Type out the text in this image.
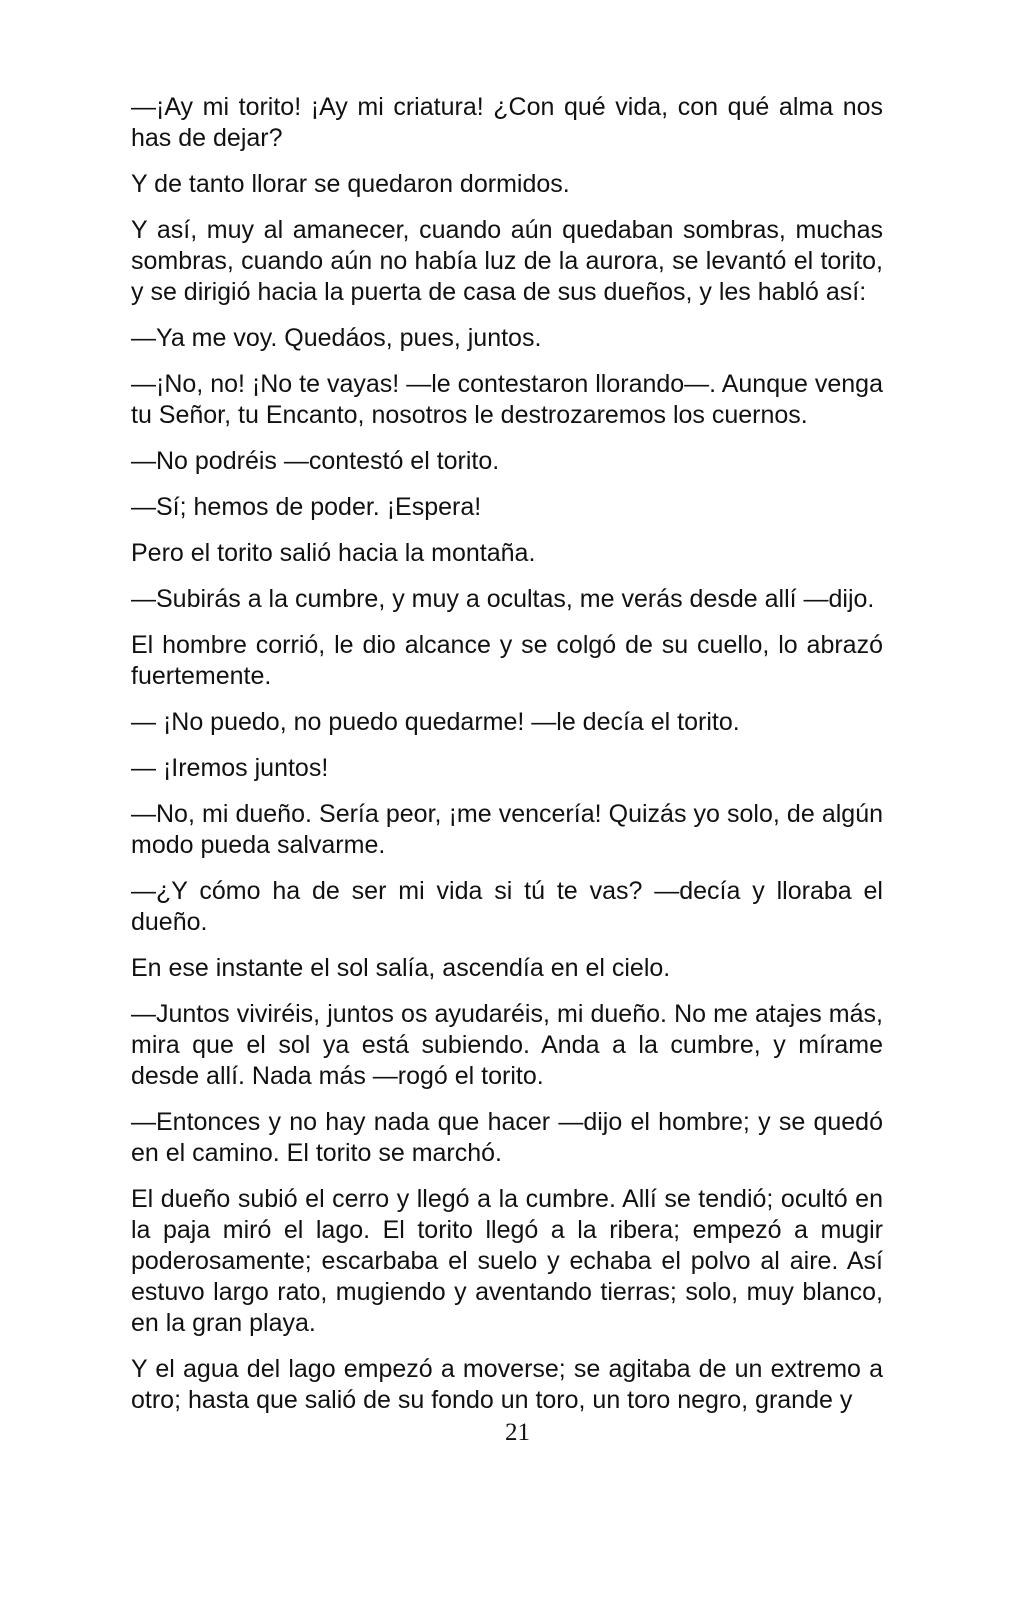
—¡Ay mi torito! ¡Ay mi criatura! ¿Con qué vida, con qué alma nos has de dejar?

Y de tanto llorar se quedaron dormidos.

Y así, muy al amanecer, cuando aún quedaban sombras, muchas sombras, cuando aún no había luz de la aurora, se levantó el torito, y se dirigió hacia la puerta de casa de sus dueños, y les habló así:

—Ya me voy. Quedáos, pues, juntos.

—¡No, no! ¡No te vayas! —le contestaron llorando—. Aunque venga tu Señor, tu Encanto, nosotros le destrozaremos los cuernos.

—No podréis —contestó el torito.

—Sí; hemos de poder. ¡Espera!

Pero el torito salió hacia la montaña.

—Subirás a la cumbre, y muy a ocultas, me verás desde allí —dijo.

El hombre corrió, le dio alcance y se colgó de su cuello, lo abrazó fuertemente.

— ¡No puedo, no puedo quedarme! —le decía el torito.

— ¡Iremos juntos!

—No, mi dueño. Sería peor, ¡me vencería! Quizás yo solo, de algún modo pueda salvarme.

—¿Y cómo ha de ser mi vida si tú te vas? —decía y lloraba el dueño.

En ese instante el sol salía, ascendía en el cielo.

—Juntos viviréis, juntos os ayudaréis, mi dueño. No me atajes más, mira que el sol ya está subiendo. Anda a la cumbre, y mírame desde allí. Nada más —rogó el torito.

—Entonces y no hay nada que hacer —dijo el hombre; y se quedó en el camino. El torito se marchó.

El dueño subió el cerro y llegó a la cumbre. Allí se tendió; ocultó en la paja miró el lago. El torito llegó a la ribera; empezó a mugir poderosamente; escarbaba el suelo y echaba el polvo al aire. Así estuvo largo rato, mugiendo y aventando tierras; solo, muy blanco, en la gran playa.

Y el agua del lago empezó a moverse; se agitaba de un extremo a otro; hasta que salió de su fondo un toro, un toro negro, grande y

21
